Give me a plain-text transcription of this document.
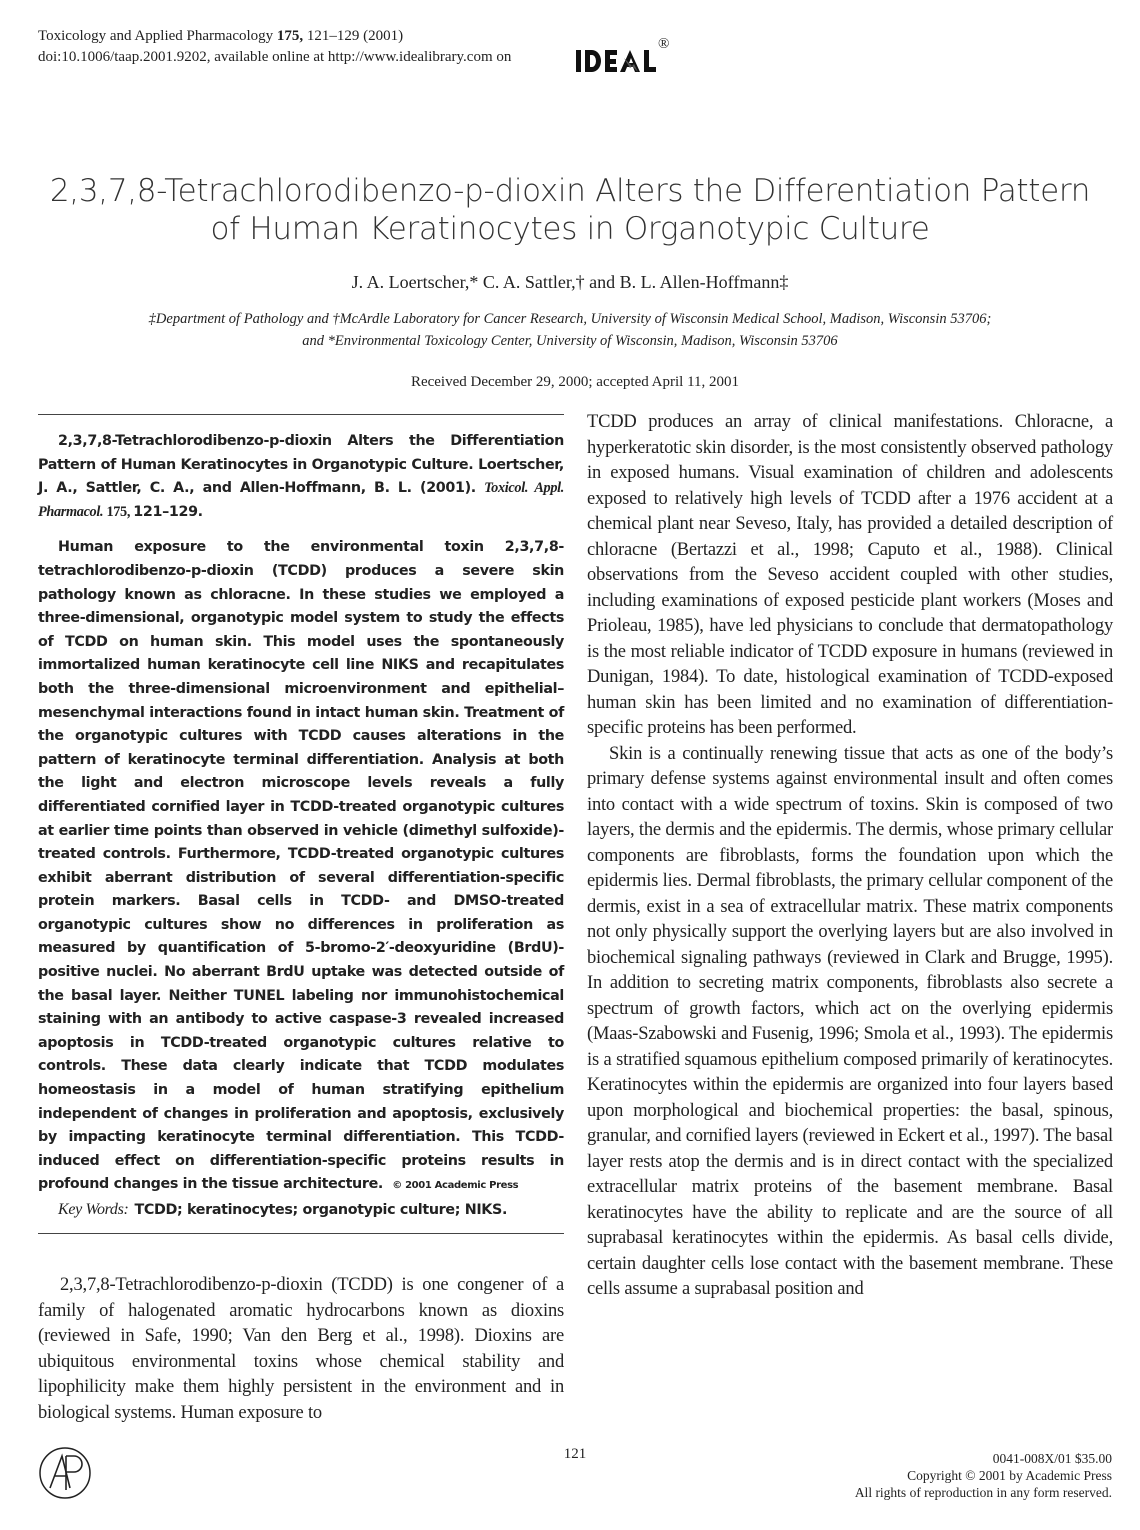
Toxicology and Applied Pharmacology 175, 121–129 (2001)
doi:10.1006/taap.2001.9202, available online at http://www.idealibrary.com on
®
2,3,7,8-Tetrachlorodibenzo-p-dioxin Alters the Differentiation Pattern
of Human Keratinocytes in Organotypic Culture
J. A. Loertscher,* C. A. Sattler,† and B. L. Allen-Hoffmann‡
‡Department of Pathology and †McArdle Laboratory for Cancer Research, University of Wisconsin Medical School, Madison, Wisconsin 53706;
and *Environmental Toxicology Center, University of Wisconsin, Madison, Wisconsin 53706
Received December 29, 2000; accepted April 11, 2001

2,3,7,8-Tetrachlorodibenzo-p-dioxin Alters the Differentiation Pattern of Human Keratinocytes in Organotypic Culture. Loertscher, J. A., Sattler, C. A., and Allen-Hoffmann, B. L. (2001). Toxicol. Appl. Pharmacol. 175, 121–129.

Human exposure to the environmental toxin 2,3,7,8-tetrachlorodibenzo-p-dioxin (TCDD) produces a severe skin pathology known as chloracne. In these studies we employed a three-dimensional, organotypic model system to study the effects of TCDD on human skin. This model uses the spontaneously immortalized human keratinocyte cell line NIKS and recapitulates both the three-dimensional microenvironment and epithelial–mesenchymal interactions found in intact human skin. Treatment of the organotypic cultures with TCDD causes alterations in the pattern of keratinocyte terminal differentiation. Analysis at both the light and electron microscope levels reveals a fully differentiated cornified layer in TCDD-treated organotypic cultures at earlier time points than observed in vehicle (dimethyl sulfoxide)-treated controls. Furthermore, TCDD-treated organotypic cultures exhibit aberrant distribution of several differentiation-specific protein markers. Basal cells in TCDD- and DMSO-treated organotypic cultures show no differences in proliferation as measured by quantification of 5-bromo-2′-deoxyuridine (BrdU)-positive nuclei. No aberrant BrdU uptake was detected outside of the basal layer. Neither TUNEL labeling nor immunohistochemical staining with an antibody to active caspase-3 revealed increased apoptosis in TCDD-treated organotypic cultures relative to controls. These data clearly indicate that TCDD modulates homeostasis in a model of human stratifying epithelium independent of changes in proliferation and apoptosis, exclusively by impacting keratinocyte terminal differentiation. This TCDD-induced effect on differentiation-specific proteins results in profound changes in the tissue architecture. © 2001 Academic Press

Key Words: TCDD; keratinocytes; organotypic culture; NIKS.

2,3,7,8-Tetrachlorodibenzo-p-dioxin (TCDD) is one congener of a family of halogenated aromatic hydrocarbons known as dioxins (reviewed in Safe, 1990; Van den Berg et al., 1998). Dioxins are ubiquitous environmental toxins whose chemical stability and lipophilicity make them highly persistent in the environment and in biological systems. Human exposure to

TCDD produces an array of clinical manifestations. Chloracne, a hyperkeratotic skin disorder, is the most consistently observed pathology in exposed humans. Visual examination of children and adolescents exposed to relatively high levels of TCDD after a 1976 accident at a chemical plant near Seveso, Italy, has provided a detailed description of chloracne (Bertazzi et al., 1998; Caputo et al., 1988). Clinical observations from the Seveso accident coupled with other studies, including examinations of exposed pesticide plant workers (Moses and Prioleau, 1985), have led physicians to conclude that dermatopathology is the most reliable indicator of TCDD exposure in humans (reviewed in Dunigan, 1984). To date, histological examination of TCDD-exposed human skin has been limited and no examination of differentiation-specific proteins has been performed.

Skin is a continually renewing tissue that acts as one of the body’s primary defense systems against environmental insult and often comes into contact with a wide spectrum of toxins. Skin is composed of two layers, the dermis and the epidermis. The dermis, whose primary cellular components are fibroblasts, forms the foundation upon which the epidermis lies. Dermal fibroblasts, the primary cellular component of the dermis, exist in a sea of extracellular matrix. These matrix components not only physically support the overlying layers but are also involved in biochemical signaling pathways (reviewed in Clark and Brugge, 1995). In addition to secreting matrix components, fibroblasts also secrete a spectrum of growth factors, which act on the overlying epidermis (Maas-Szabowski and Fusenig, 1996; Smola et al., 1993). The epidermis is a stratified squamous epithelium composed primarily of keratinocytes. Keratinocytes within the epidermis are organized into four layers based upon morphological and biochemical properties: the basal, spinous, granular, and cornified layers (reviewed in Eckert et al., 1997). The basal layer rests atop the dermis and is in direct contact with the specialized extracellular matrix proteins of the basement membrane. Basal keratinocytes have the ability to replicate and are the source of all suprabasal keratinocytes within the epidermis. As basal cells divide, certain daughter cells lose contact with the basement membrane. These cells assume a suprabasal position and

121	0041-008X/01 $35.00
Copyright © 2001 by Academic Press
All rights of reproduction in any form reserved.
